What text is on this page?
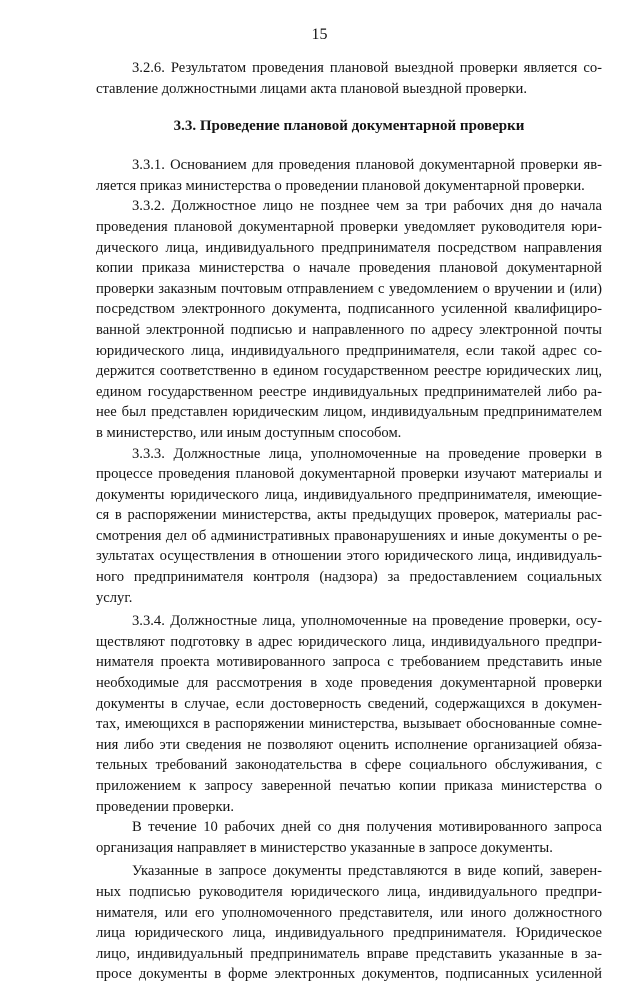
15
3.2.6. Результатом проведения плановой выездной проверки является со-
ставление должностными лицами акта плановой выездной проверки.
3.3. Проведение плановой документарной проверки
3.3.1. Основанием для проведения плановой документарной проверки яв-
ляется приказ министерства о проведении плановой документарной проверки.
3.3.2. Должностное лицо не позднее чем за три рабочих дня до начала
проведения плановой документарной проверки уведомляет руководителя юри-
дического лица, индивидуального предпринимателя посредством направления
копии приказа министерства о начале проведения плановой документарной
проверки заказным почтовым отправлением с уведомлением о вручении и (или)
посредством электронного документа, подписанного усиленной квалифициро-
ванной электронной подписью и направленного по адресу электронной почты
юридического лица, индивидуального предпринимателя, если такой адрес со-
держится соответственно в едином государственном реестре юридических лиц,
едином государственном реестре индивидуальных предпринимателей либо ра-
нее был представлен юридическим лицом, индивидуальным предпринимателем
в министерство, или иным доступным способом.
3.3.3. Должностные лица, уполномоченные на проведение проверки в
процессе проведения плановой документарной проверки изучают материалы и
документы юридического лица, индивидуального предпринимателя, имеющие-
ся в распоряжении министерства, акты предыдущих проверок, материалы рас-
смотрения дел об административных правонарушениях и иные документы о ре-
зультатах осуществления в отношении этого юридического лица, индивидуаль-
ного предпринимателя контроля (надзора) за предоставлением социальных
услуг.
3.3.4. Должностные лица, уполномоченные на проведение проверки, осу-
ществляют подготовку в адрес юридического лица, индивидуального предпри-
нимателя проекта мотивированного запроса с требованием представить иные
необходимые для рассмотрения в ходе проведения документарной проверки
документы в случае, если достоверность сведений, содержащихся в докумен-
тах, имеющихся в распоряжении министерства, вызывает обоснованные сомне-
ния либо эти сведения не позволяют оценить исполнение организацией обяза-
тельных требований законодательства в сфере социального обслуживания, с
приложением к запросу заверенной печатью копии приказа министерства о
проведении проверки.
В течение 10 рабочих дней со дня получения мотивированного запроса
организация направляет в министерство указанные в запросе документы.
Указанные в запросе документы представляются в виде копий, заверен-
ных подписью руководителя юридического лица, индивидуального предпри-
нимателя, или его уполномоченного представителя, или иного должностного
лица юридического лица, индивидуального предпринимателя. Юридическое
лицо, индивидуальный предприниматель вправе представить указанные в за-
просе документы в форме электронных документов, подписанных усиленной
